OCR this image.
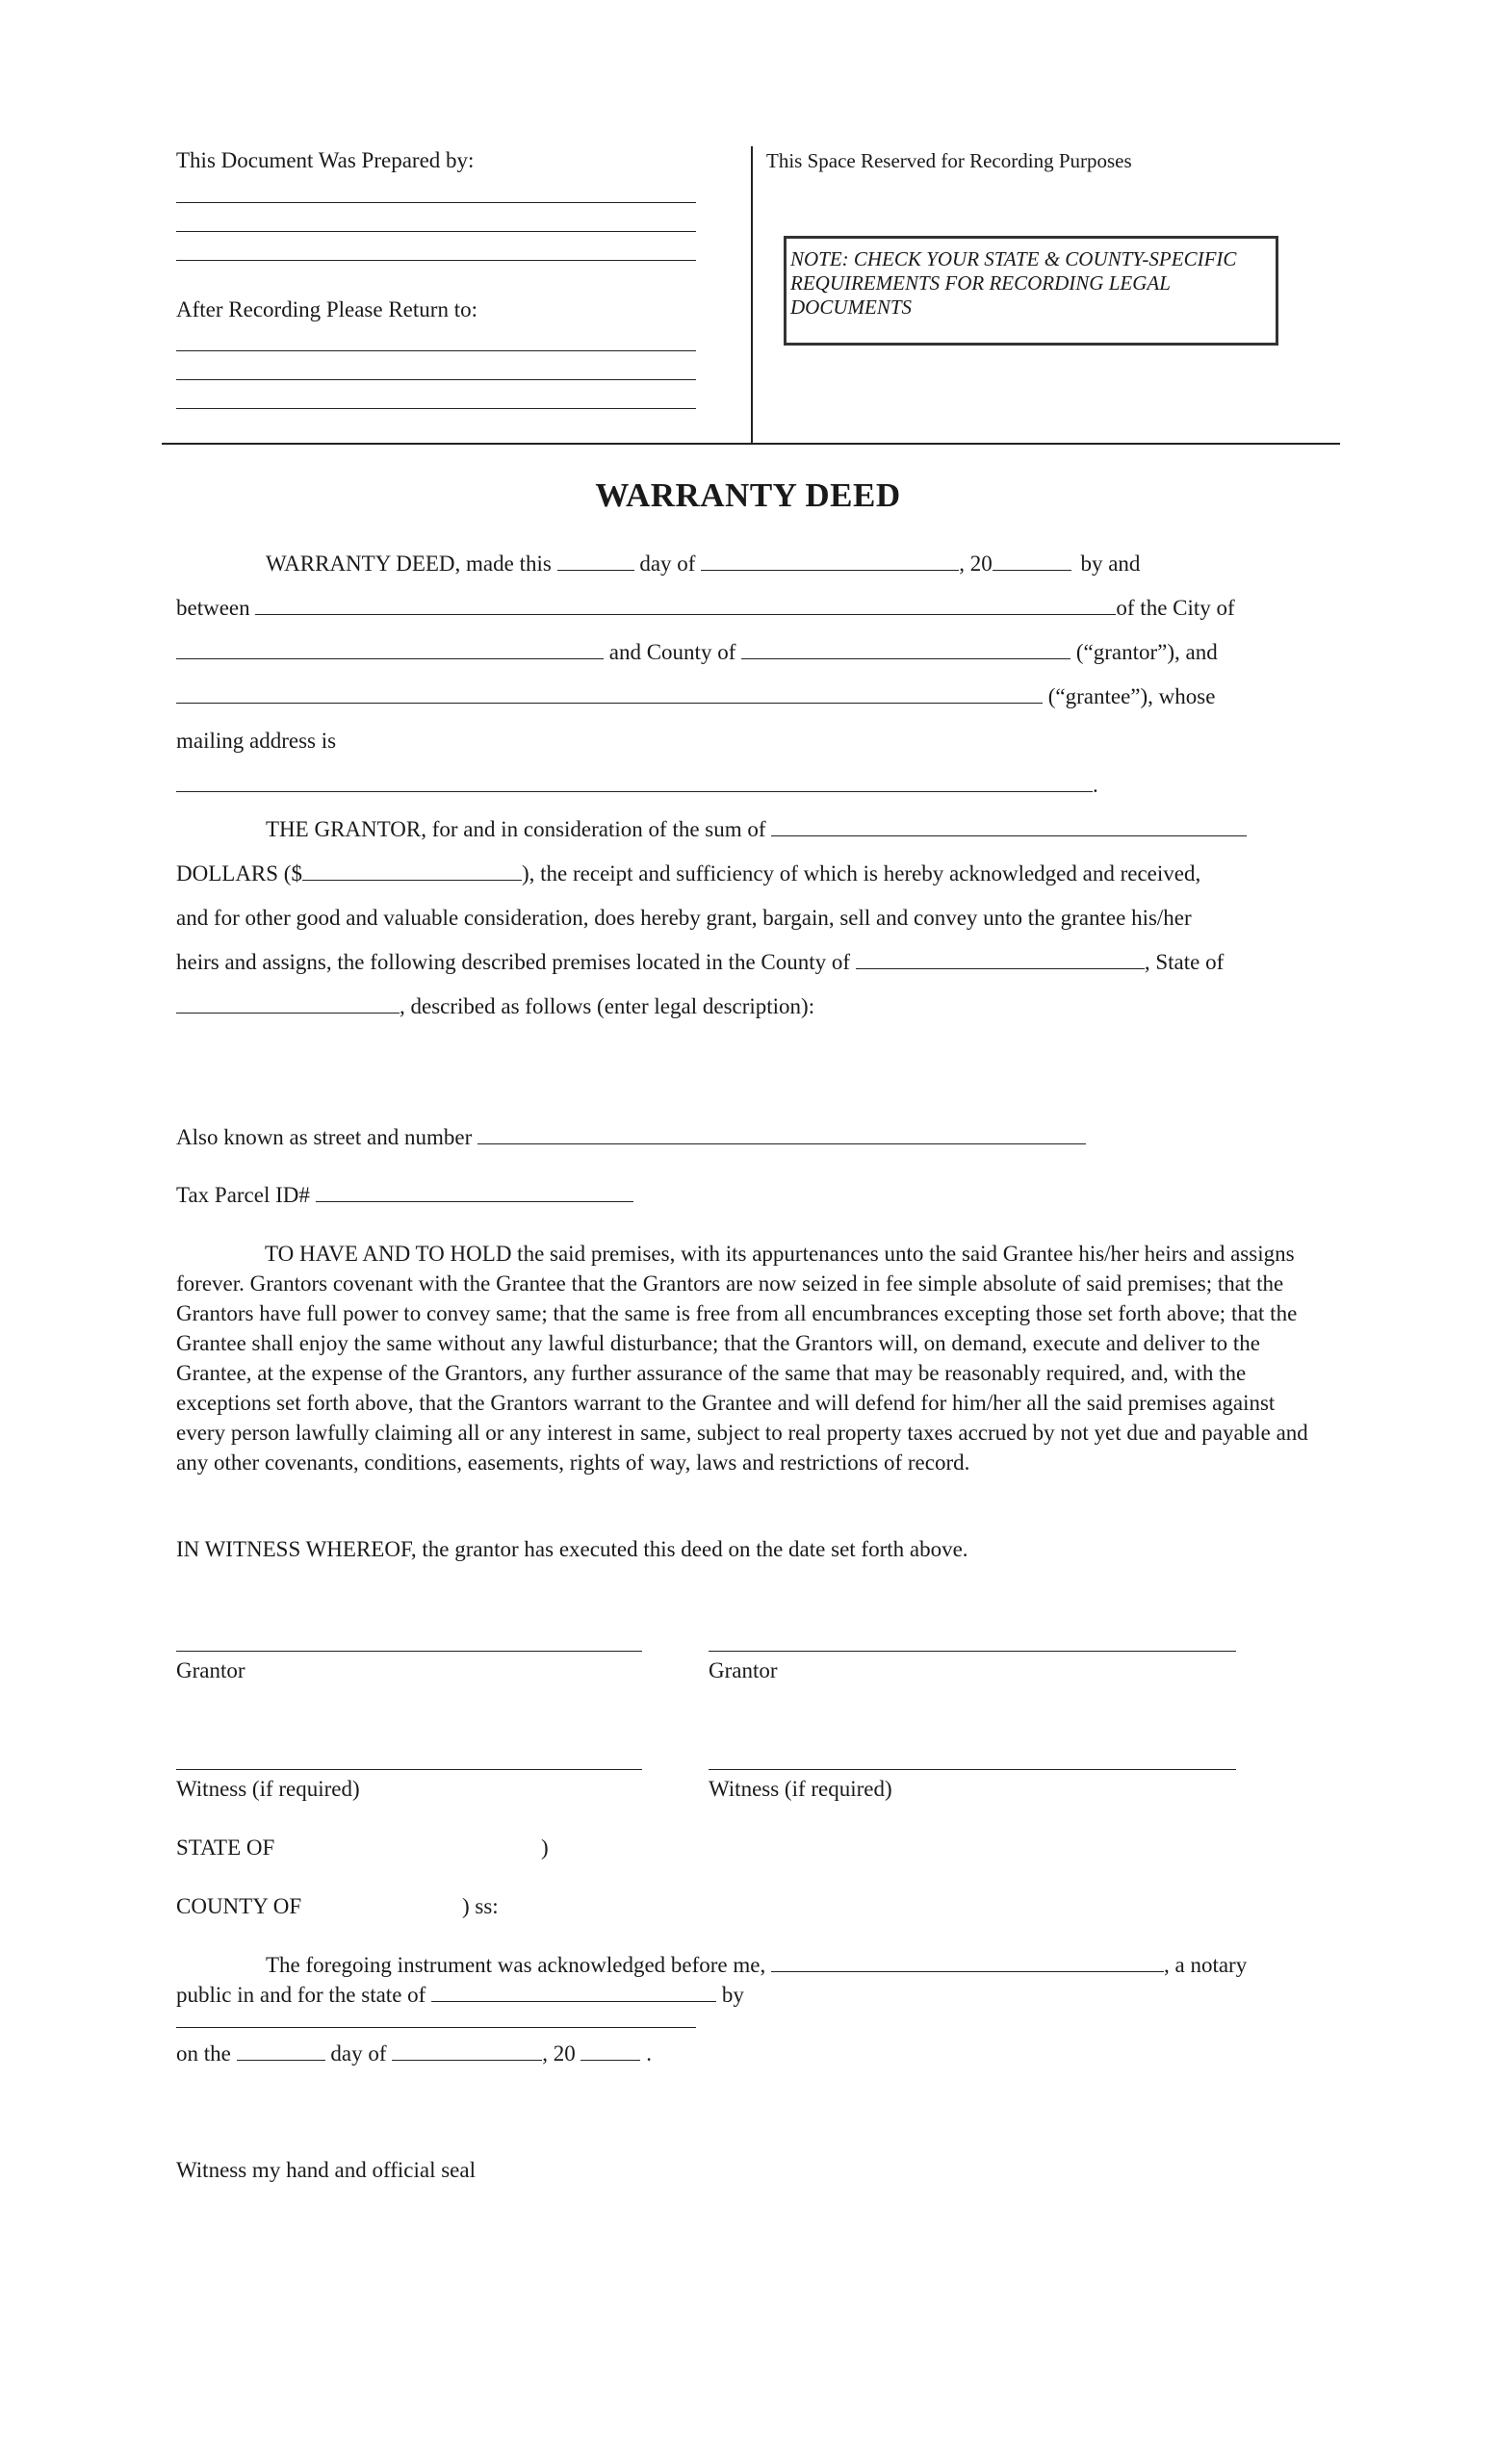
This Document Was Prepared by:
After Recording Please Return to:
This Space Reserved for Recording Purposes
NOTE: CHECK YOUR STATE & COUNTY-SPECIFIC REQUIREMENTS FOR RECORDING LEGAL DOCUMENTS
WARRANTY DEED
WARRANTY DEED, made this	day of	, 20	by and
between	of the City of
and County of	(“grantor”), and
(“grantee”), whose
mailing address is
.
THE GRANTOR, for and in consideration of the sum of
DOLLARS ($	), the receipt and sufficiency of which is hereby acknowledged and received,
and for other good and valuable consideration, does hereby grant, bargain, sell and convey unto the grantee his/her
heirs and assigns, the following described premises located in the County of	, State of
, described as follows (enter legal description):
Also known as street and number
Tax Parcel ID#
TO HAVE AND TO HOLD the said premises, with its appurtenances unto the said Grantee his/her heirs and assigns forever. Grantors covenant with the Grantee that the Grantors are now seized in fee simple absolute of said premises; that the Grantors have full power to convey same; that the same is free from all encumbrances excepting those set forth above; that the Grantee shall enjoy the same without any lawful disturbance; that the Grantors will, on demand, execute and deliver to the Grantee, at the expense of the Grantors, any further assurance of the same that may be reasonably required, and, with the exceptions set forth above, that the Grantors warrant to the Grantee and will defend for him/her all the said premises against every person lawfully claiming all or any interest in same, subject to real property taxes accrued by not yet due and payable and any other covenants, conditions, easements, rights of way, laws and restrictions of record.
IN WITNESS WHEREOF, the grantor has executed this deed on the date set forth above.
Grantor	Grantor
Witness (if required)	Witness (if required)
STATE OF	)
COUNTY OF	) ss:
The foregoing instrument was acknowledged before me,	, a notary
public in and for the state of	by
on the	day of	, 20	.
Witness my hand and official seal
